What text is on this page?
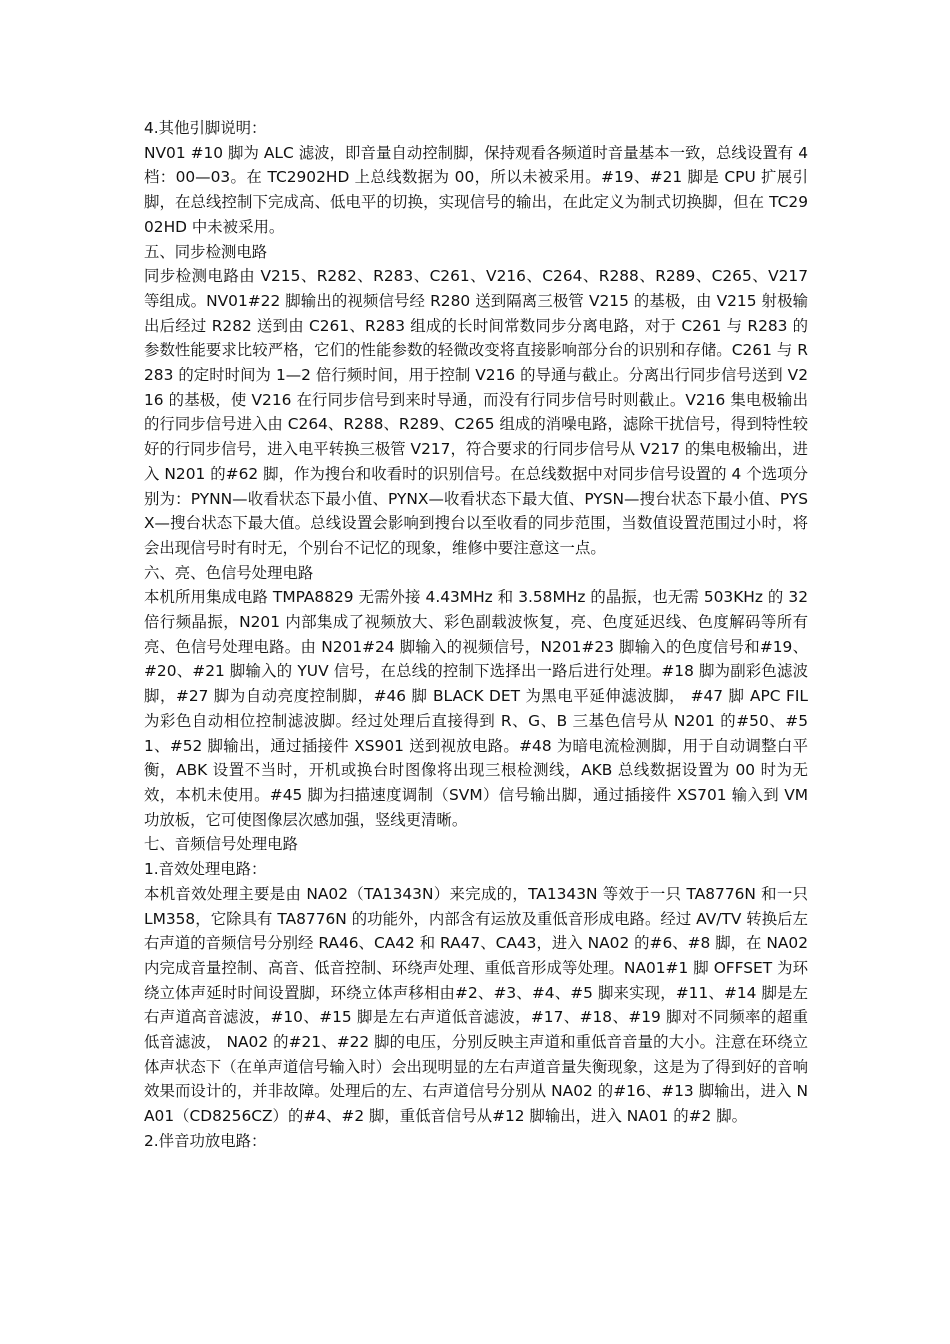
4.其他引脚说明：

NV01 #10 脚为 ALC 滤波，即音量自动控制脚，保持观看各频道时音量基本一致，总线设置有 4 档：00—03。在 TC2902HD 上总线数据为 00，所以未被采用。#19、#21 脚是 CPU 扩展引脚，在总线控制下完成高、低电平的切换，实现信号的输出，在此定义为制式切换脚，但在 TC2902HD 中未被采用。

五、同步检测电路

同步检测电路由 V215、R282、R283、C261、V216、C264、R288、R289、C265、V217 等组成。NV01#22 脚输出的视频信号经 R280 送到隔离三极管 V215 的基极，由 V215 射极输出后经过 R282 送到由 C261、R283 组成的长时间常数同步分离电路，对于 C261 与 R283 的参数性能要求比较严格，它们的性能参数的轻微改变将直接影响部分台的识别和存储。C261 与 R283 的定时时间为 1—2 倍行频时间，用于控制 V216 的导通与截止。分离出行同步信号送到 V216 的基极，使 V216 在行同步信号到来时导通，而没有行同步信号时则截止。V216 集电极输出的行同步信号进入由 C264、R288、R289、C265 组成的消噪电路，滤除干扰信号，得到特性较好的行同步信号，进入电平转换三极管 V217，符合要求的行同步信号从 V217 的集电极输出，进入 N201 的#62 脚，作为搜台和收看时的识别信号。在总线数据中对同步信号设置的 4 个选项分别为：PYNN—收看状态下最小值、PYNX—收看状态下最大值、PYSN—搜台状态下最小值、PYSX—搜台状态下最大值。总线设置会影响到搜台以至收看的同步范围，当数值设置范围过小时，将会出现信号时有时无，个别台不记忆的现象，维修中要注意这一点。

六、亮、色信号处理电路

本机所用集成电路 TMPA8829 无需外接 4.43MHz 和 3.58MHz 的晶振，也无需 503KHz 的 32 倍行频晶振，N201 内部集成了视频放大、彩色副载波恢复，亮、色度延迟线、色度解码等所有亮、色信号处理电路。由 N201#24 脚输入的视频信号，N201#23 脚输入的色度信号和#19、#20、#21 脚输入的 YUV 信号，在总线的控制下选择出一路后进行处理。#18 脚为副彩色滤波脚，#27 脚为自动亮度控制脚，#46 脚 BLACK DET 为黑电平延伸滤波脚， #47 脚 APC FIL 为彩色自动相位控制滤波脚。经过处理后直接得到 R、G、B 三基色信号从 N201 的#50、#51、#52 脚输出，通过插接件 XS901 送到视放电路。#48 为暗电流检测脚，用于自动调整白平衡，ABK 设置不当时，开机或换台时图像将出现三根检测线，AKB 总线数据设置为 00 时为无效，本机未使用。#45 脚为扫描速度调制（SVM）信号输出脚，通过插接件 XS701 输入到 VM 功放板，它可使图像层次感加强，竖线更清晰。

七、音频信号处理电路

1.音效处理电路：

本机音效处理主要是由 NA02（TA1343N）来完成的，TA1343N 等效于一只 TA8776N 和一只 LM358，它除具有 TA8776N 的功能外，内部含有运放及重低音形成电路。经过 AV/TV 转换后左右声道的音频信号分别经 RA46、CA42 和 RA47、CA43，进入 NA02 的#6、#8 脚，在 NA02 内完成音量控制、高音、低音控制、环绕声处理、重低音形成等处理。NA01#1 脚 OFFSET 为环绕立体声延时时间设置脚，环绕立体声移相由#2、#3、#4、#5 脚来实现，#11、#14 脚是左右声道高音滤波，#10、#15 脚是左右声道低音滤波，#17、#18、#19 脚对不同频率的超重低音滤波， NA02 的#21、#22 脚的电压，分别反映主声道和重低音音量的大小。注意在环绕立体声状态下（在单声道信号输入时）会出现明显的左右声道音量失衡现象，这是为了得到好的音响效果而设计的，并非故障。处理后的左、右声道信号分别从 NA02 的#16、#13 脚输出，进入 NA01（CD8256CZ）的#4、#2 脚，重低音信号从#12 脚输出，进入 NA01 的#2 脚。

2.伴音功放电路：
